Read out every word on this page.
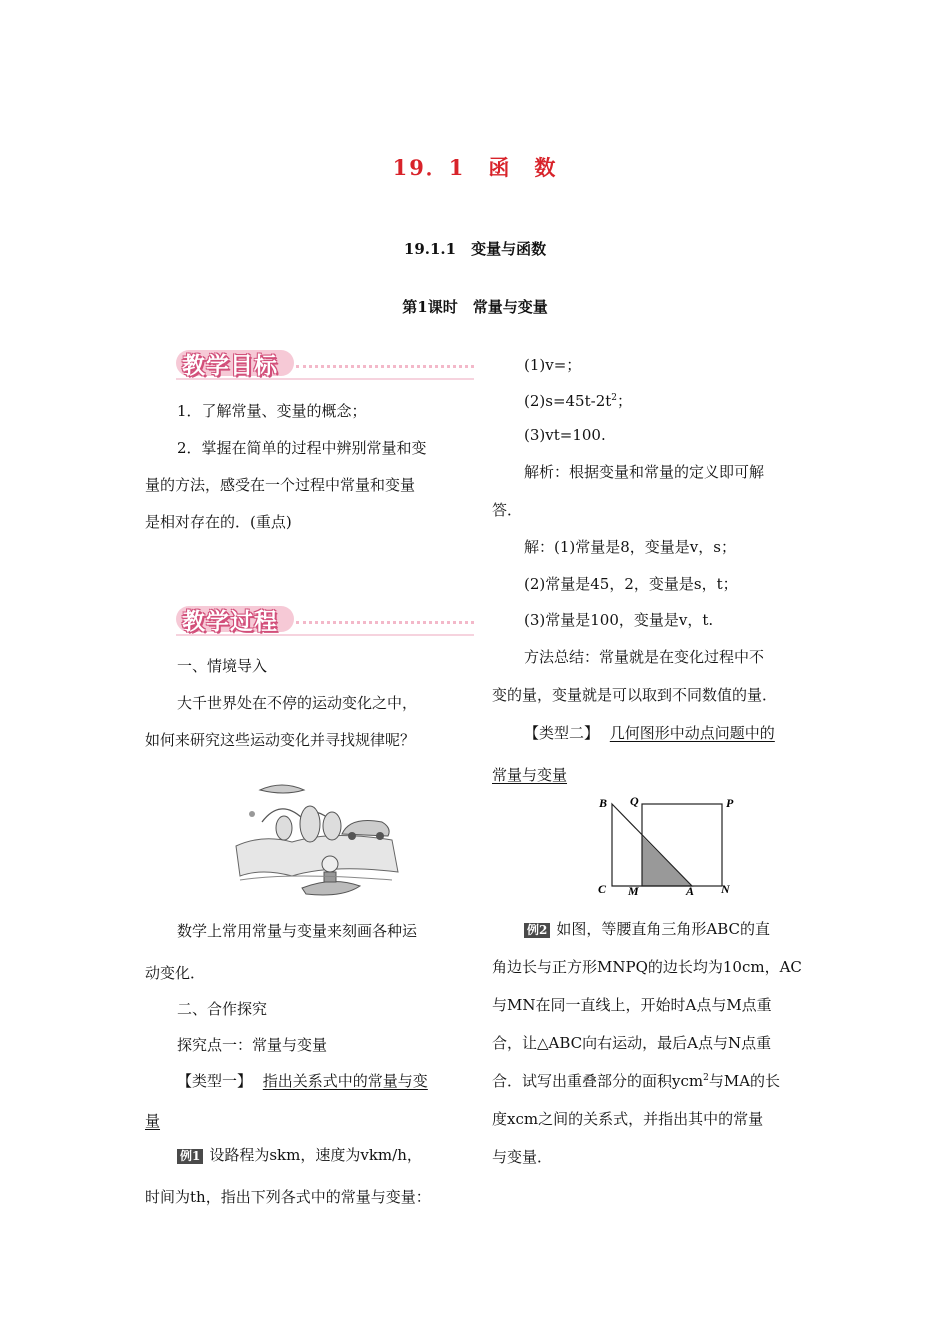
19．1　函　数
19.1.1　变量与函数
第1课时　常量与变量
教学目标
1．了解常量、变量的概念；
2．掌握在简单的过程中辨别常量和变
量的方法，感受在一个过程中常量和变量
是相对存在的．(重点)
教学过程
一、情境导入
大千世界处在不停的运动变化之中，
如何来研究这些运动变化并寻找规律呢？
数学上常用常量与变量来刻画各种运
动变化．
二、合作探究
探究点一：常量与变量
【类型一】 指出关系式中的常量与变
量
例1 设路程为skm，速度为vkm/h，
时间为th，指出下列各式中的常量与变量：
(1)v=；
$(2)s=45t-2t^2$；
(3)vt=100.
解析：根据变量和常量的定义即可解
答．
解：(1)常量是8，变量是v，s；
(2)常量是45，2，变量是s，t；
(3)常量是100，变量是v，t.
方法总结：常量就是在变化过程中不
变的量，变量就是可以取到不同数值的量．
【类型二】 几何图形中动点问题中的
常量与变量
B Q	P
C M	A N
例2 如图，等腰直角三角形ABC的直
角边长与正方形MNPQ的边长均为10cm，AC
与MN在同一直线上，开始时A点与M点重
合，让△ABC向右运动，最后A点与N点重
合．试写出重叠部分的面积ycm$^2$与MA的长
度xcm之间的关系式，并指出其中的常量
与变量．
